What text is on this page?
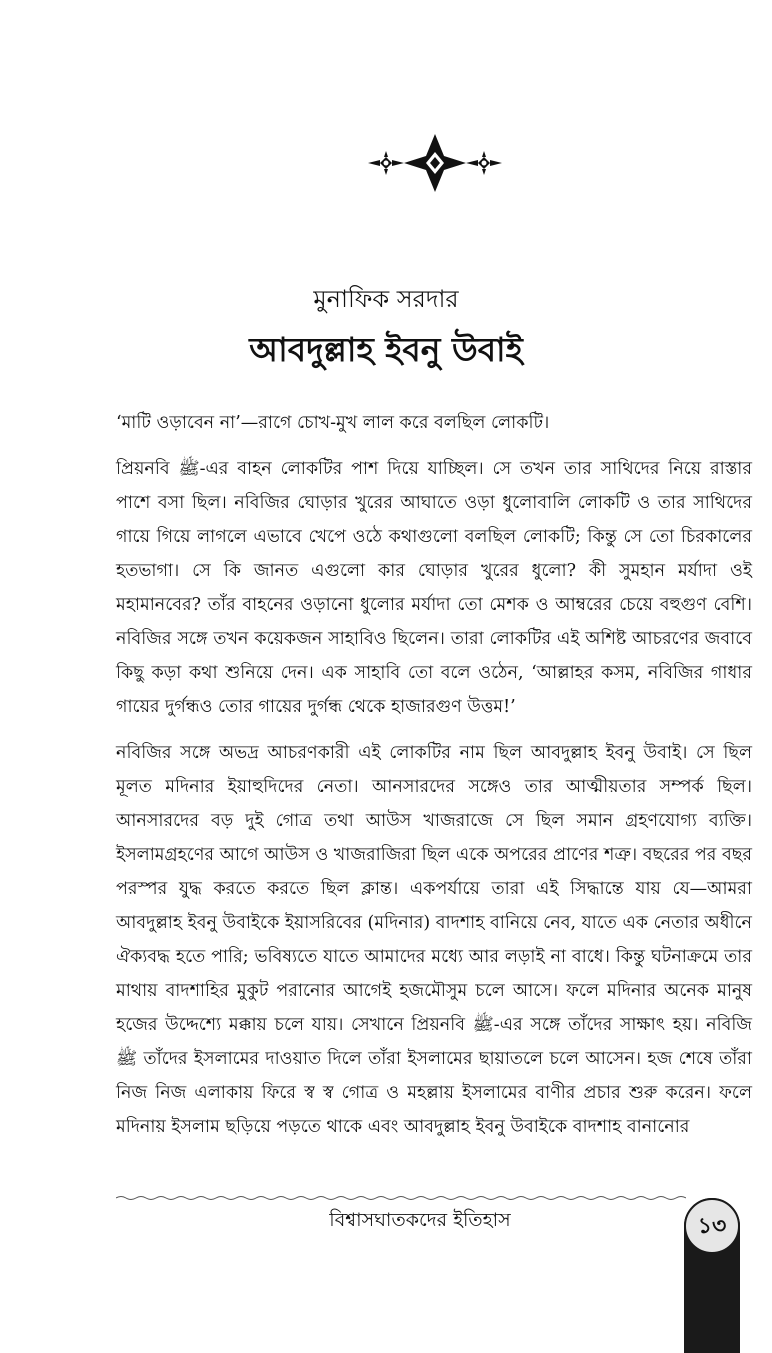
মুনাফিক সরদার
আবদুল্লাহ ইবনু উবাই

‘মাটি ওড়াবেন না’—রাগে চোখ-মুখ লাল করে বলছিল লোকটি।

প্রিয়নবি ﷺ-এর বাহন লোকটির পাশ দিয়ে যাচ্ছিল। সে তখন তার সাথিদের নিয়ে রাস্তার পাশে বসা ছিল। নবিজির ঘোড়ার খুরের আঘাতে ওড়া ধুলোবালি লোকটি ও তার সাথিদের গায়ে গিয়ে লাগলে এভাবে খেপে ওঠে কথাগুলো বলছিল লোকটি; কিন্তু সে তো চিরকালের হতভাগা। সে কি জানত এগুলো কার ঘোড়ার খুরের ধুলো? কী সুমহান মর্যাদা ওই মহামানবের? তাঁর বাহনের ওড়ানো ধুলোর মর্যাদা তো মেশক ও আম্বরের চেয়ে বহুগুণ বেশি। নবিজির সঙ্গে তখন কয়েকজন সাহাবিও ছিলেন। তারা লোকটির এই অশিষ্ট আচরণের জবাবে কিছু কড়া কথা শুনিয়ে দেন। এক সাহাবি তো বলে ওঠেন, ‘আল্লাহর কসম, নবিজির গাধার গায়ের দুর্গন্ধও তোর গায়ের দুর্গন্ধ থেকে হাজারগুণ উত্তম!’

নবিজির সঙ্গে অভদ্র আচরণকারী এই লোকটির নাম ছিল আবদুল্লাহ ইবনু উবাই। সে ছিল মূলত মদিনার ইয়াহুদিদের নেতা। আনসারদের সঙ্গেও তার আত্মীয়তার সম্পর্ক ছিল। আনসারদের বড় দুই গোত্র তথা আউস খাজরাজে সে ছিল সমান গ্রহণযোগ্য ব্যক্তি। ইসলামগ্রহণের আগে আউস ও খাজরাজিরা ছিল একে অপরের প্রাণের শত্রু। বছরের পর বছর পরস্পর যুদ্ধ করতে করতে ছিল ক্লান্ত। একপর্যায়ে তারা এই সিদ্ধান্তে যায় যে—আমরা আবদুল্লাহ ইবনু উবাইকে ইয়াসরিবের (মদিনার) বাদশাহ বানিয়ে নেব, যাতে এক নেতার অধীনে ঐক্যবদ্ধ হতে পারি; ভবিষ্যতে যাতে আমাদের মধ্যে আর লড়াই না বাধে। কিন্তু ঘটনাক্রমে তার মাথায় বাদশাহির মুকুট পরানোর আগেই হজমৌসুম চলে আসে। ফলে মদিনার অনেক মানুষ হজের উদ্দেশ্যে মক্কায় চলে যায়। সেখানে প্রিয়নবি ﷺ-এর সঙ্গে তাঁদের সাক্ষাৎ হয়। নবিজি ﷺ তাঁদের ইসলামের দাওয়াত দিলে তাঁরা ইসলামের ছায়াতলে চলে আসেন। হজ শেষে তাঁরা নিজ নিজ এলাকায় ফিরে স্ব স্ব গোত্র ও মহল্লায় ইসলামের বাণীর প্রচার শুরু করেন। ফলে মদিনায় ইসলাম ছড়িয়ে পড়তে থাকে এবং আবদুল্লাহ ইবনু উবাইকে বাদশাহ বানানোর

বিশ্বাসঘাতকদের ইতিহাস	১৩
